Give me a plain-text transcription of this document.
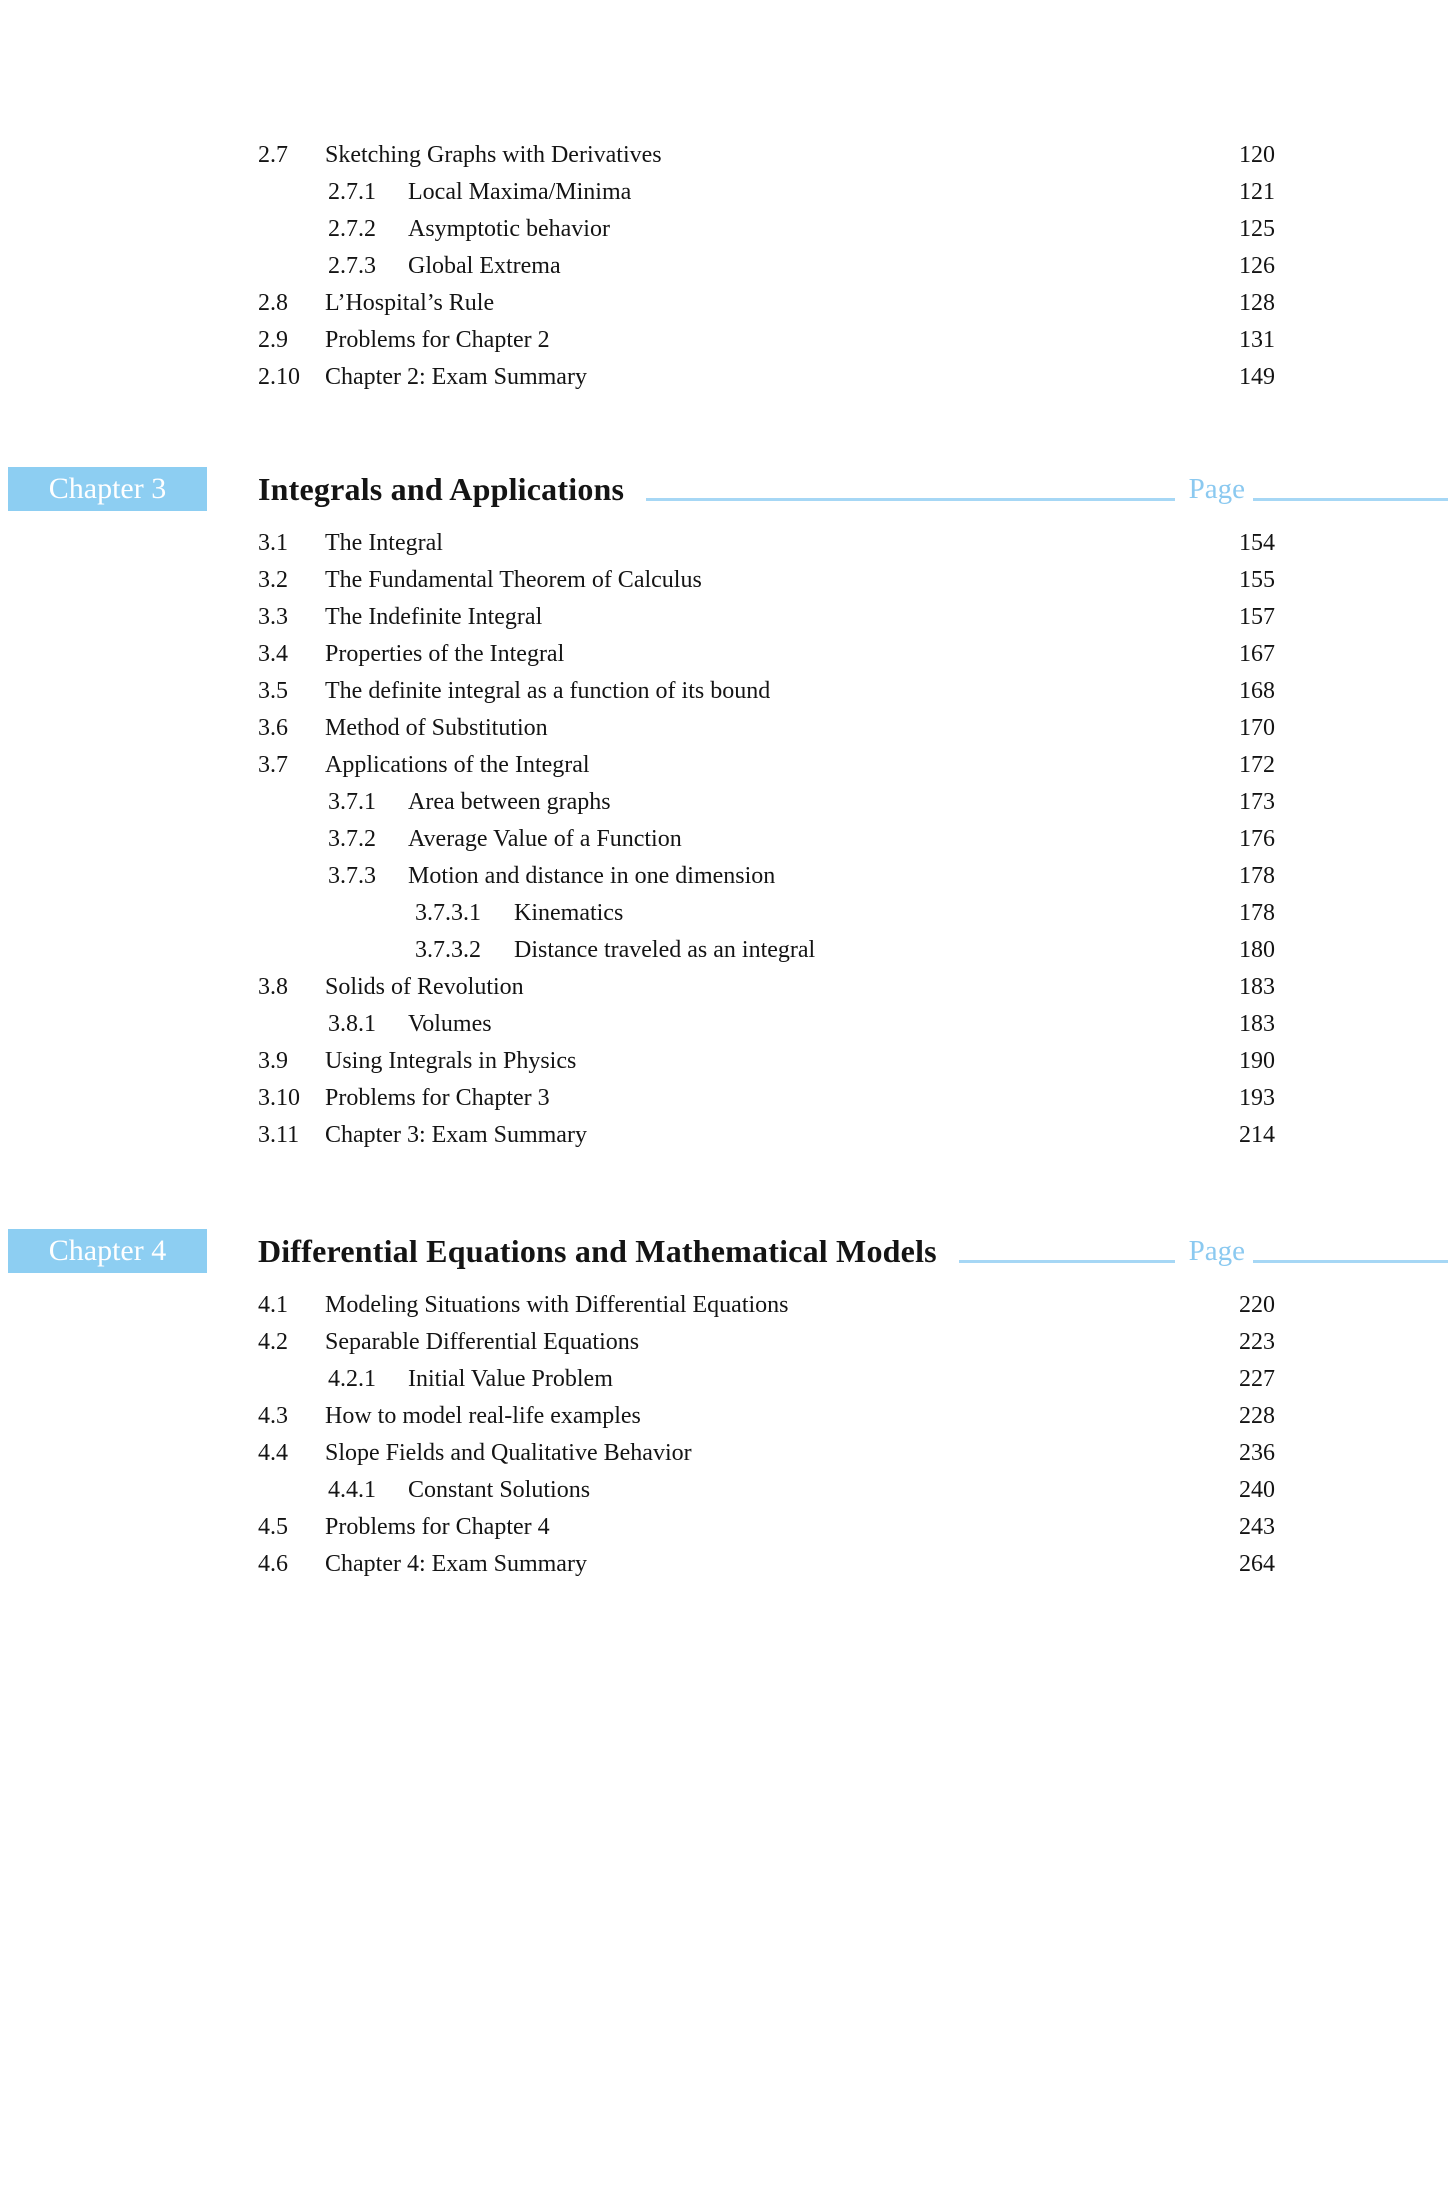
2.7	Sketching Graphs with Derivatives	120
2.7.1	Local Maxima/Minima	121
2.7.2	Asymptotic behavior	125
2.7.3	Global Extrema	126
2.8	L’Hospital’s Rule	128
2.9	Problems for Chapter 2	131
2.10	Chapter 2: Exam Summary	149
Chapter 3	Integrals and Applications	Page
3.1	The Integral	154
3.2	The Fundamental Theorem of Calculus	155
3.3	The Indefinite Integral	157
3.4	Properties of the Integral	167
3.5	The definite integral as a function of its bound	168
3.6	Method of Substitution	170
3.7	Applications of the Integral	172
3.7.1	Area between graphs	173
3.7.2	Average Value of a Function	176
3.7.3	Motion and distance in one dimension	178
3.7.3.1	Kinematics	178
3.7.3.2	Distance traveled as an integral	180
3.8	Solids of Revolution	183
3.8.1	Volumes	183
3.9	Using Integrals in Physics	190
3.10	Problems for Chapter 3	193
3.11	Chapter 3: Exam Summary	214
Chapter 4	Differential Equations and Mathematical Models	Page
4.1	Modeling Situations with Differential Equations	220
4.2	Separable Differential Equations	223
4.2.1	Initial Value Problem	227
4.3	How to model real-life examples	228
4.4	Slope Fields and Qualitative Behavior	236
4.4.1	Constant Solutions	240
4.5	Problems for Chapter 4	243
4.6	Chapter 4: Exam Summary	264
